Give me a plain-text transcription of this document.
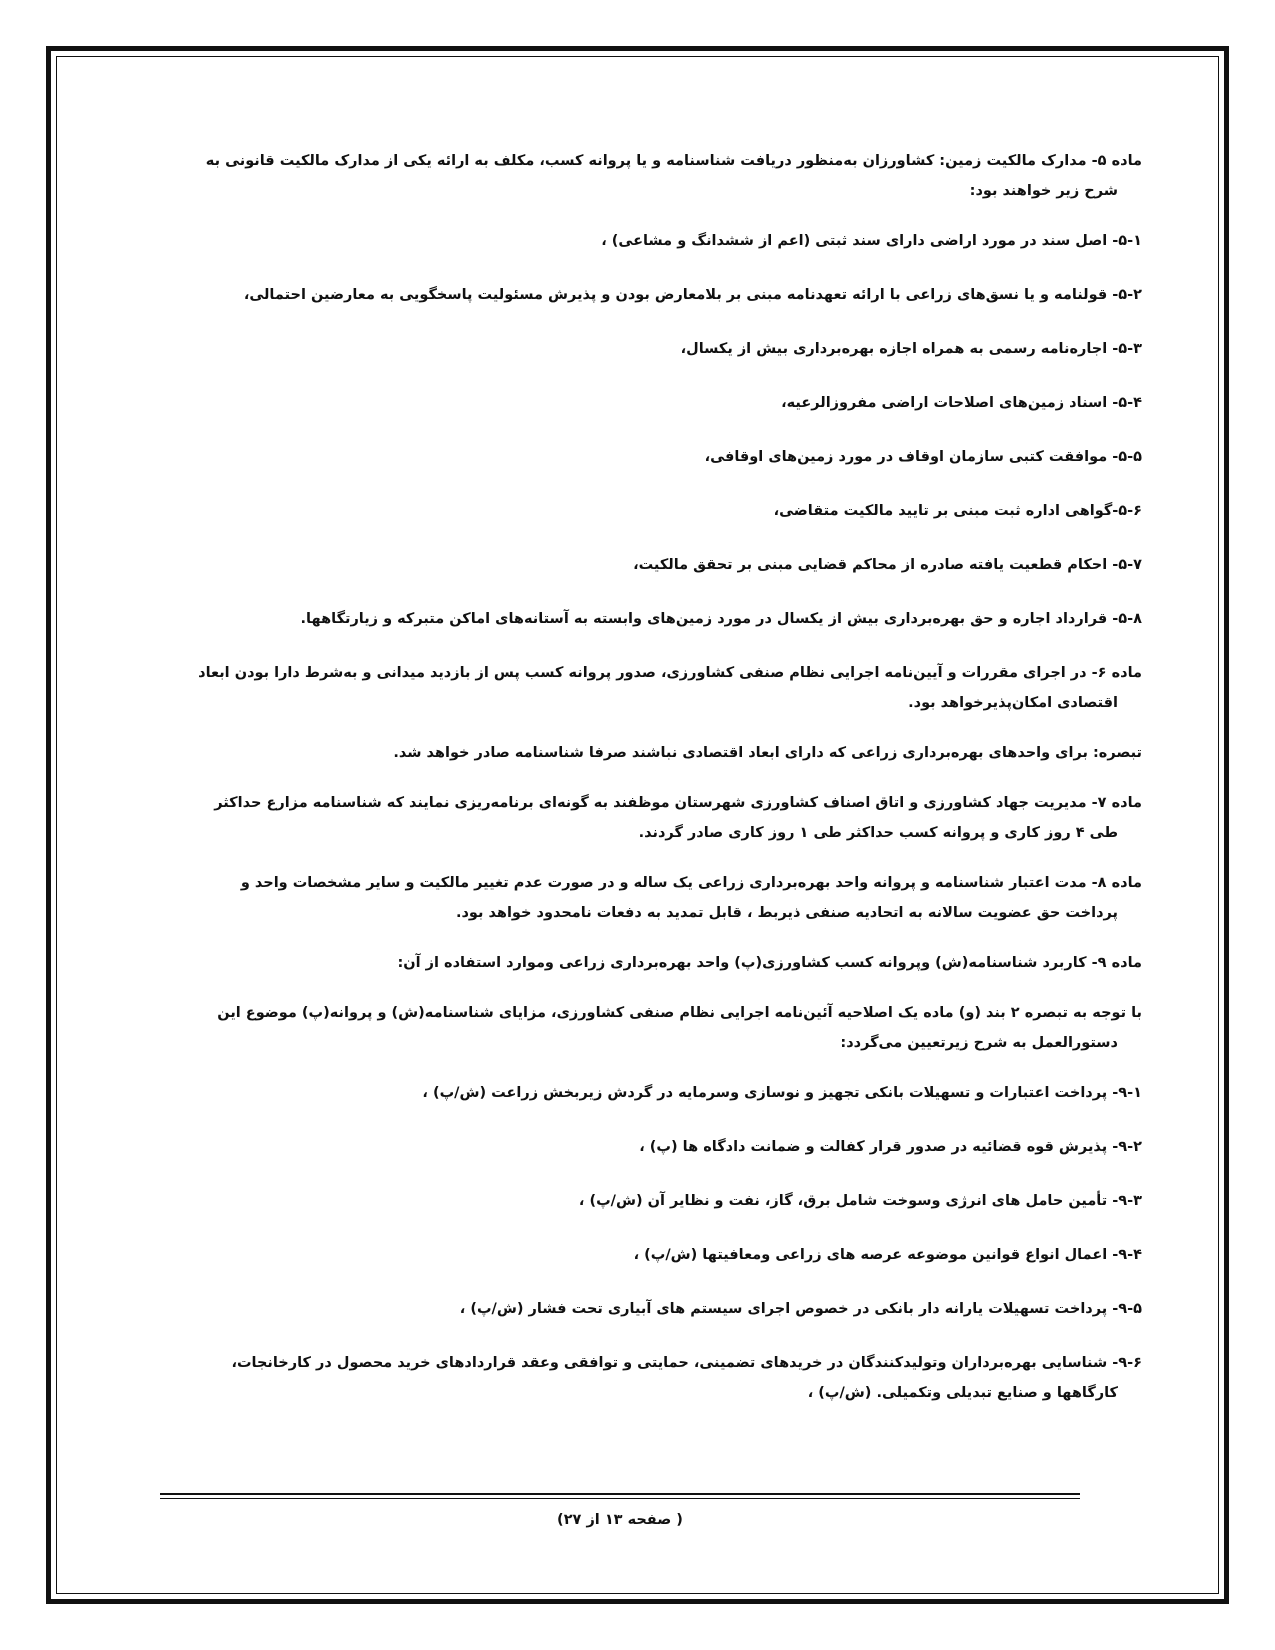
ماده ۵- مدارک مالکیت زمین: کشاورزان به‌منظور دریافت شناسنامه و یا پروانه کسب، مکلف به ارائه یکی از مدارک مالکیت قانونی به

شرح زیر خواهند بود:

۵-۱- اصل سند در مورد اراضی دارای سند ثبتی (اعم از ششدانگ و مشاعی) ،

۵-۲- قولنامه و یا نسق‌های زراعی با ارائه تعهدنامه مبنی بر بلامعارض بودن و پذیرش مسئولیت پاسخگویی به معارضین احتمالی،

۵-۳- اجاره‌نامه رسمی به همراه اجازه بهره‌برداری بیش از یکسال،

۵-۴- اسناد زمین‌های اصلاحات اراضی مفروزالرعیه،

۵-۵- موافقت کتبی سازمان اوقاف در مورد زمین‌های اوقافی،

۵-۶-گواهی اداره ثبت مبنی بر تایید مالکیت متقاضی،

۵-۷- احکام قطعیت یافته صادره از محاکم قضایی مبنی بر تحقق مالکیت،

۵-۸- قرارداد اجاره و حق بهره‌برداری بیش از یکسال در مورد زمین‌های وابسته به آستانه‌های اماکن متبرکه و زیارتگاهها.

ماده ۶- در اجرای مقررات و آیین‌نامه اجرایی نظام صنفی کشاورزی، صدور پروانه کسب پس از بازدید میدانی و به‌شرط دارا بودن ابعاد

اقتصادی امکان‌پذیرخواهد بود.

تبصره: برای واحدهای بهره‌برداری زراعی که دارای ابعاد اقتصادی نباشند صرفا شناسنامه صادر خواهد شد.

ماده ۷- مدیریت جهاد کشاورزی و اتاق اصناف کشاورزی شهرستان موظفند به گونه‌ای برنامه‌ریزی نمایند که شناسنامه مزارع حداکثر

طی ۴ روز کاری و پروانه کسب حداکثر طی ۱ روز کاری صادر گردند.

ماده ۸- مدت اعتبار شناسنامه و پروانه واحد بهره‌برداری زراعی یک ساله و در صورت عدم تغییر مالکیت و سایر مشخصات واحد و

پرداخت حق عضویت سالانه به اتحادیه صنفی ذیربط ، قابل تمدید به دفعات نامحدود خواهد بود.

ماده ۹- کاربرد شناسنامه(ش) وپروانه کسب کشاورزی(پ) واحد بهره‌برداری زراعی وموارد استفاده از آن:

با توجه به تبصره ۲ بند (و) ماده یک اصلاحیه آئین‌نامه اجرایی نظام صنفی کشاورزی، مزایای شناسنامه(ش) و پروانه(پ) موضوع این

دستورالعمل به شرح زیرتعیین می‌گردد:

۹-۱- پرداخت اعتبارات و تسهیلات بانکی تجهیز و نوسازی وسرمایه در گردش زیربخش زراعت (ش/پ) ،

۹-۲- پذیرش قوه قضائیه در صدور قرار کفالت و ضمانت دادگاه ها (پ) ،

۹-۳- تأمین حامل های انرژی وسوخت شامل برق، گاز، نفت و نظایر آن (ش/پ) ،

۹-۴- اعمال انواع قوانین موضوعه عرصه های زراعی ومعافیتها (ش/پ) ،

۹-۵- پرداخت تسهیلات یارانه دار بانکی در خصوص اجرای سیستم های آبیاری تحت فشار (ش/پ) ،

۹-۶- شناسایی بهره‌برداران وتولیدکنندگان در خریدهای تضمینی، حمایتی و توافقی وعقد قراردادهای خرید محصول در کارخانجات،

کارگاهها و صنایع تبدیلی وتکمیلی. (ش/پ) ،

( صفحه ۱۳ از ۲۷)
